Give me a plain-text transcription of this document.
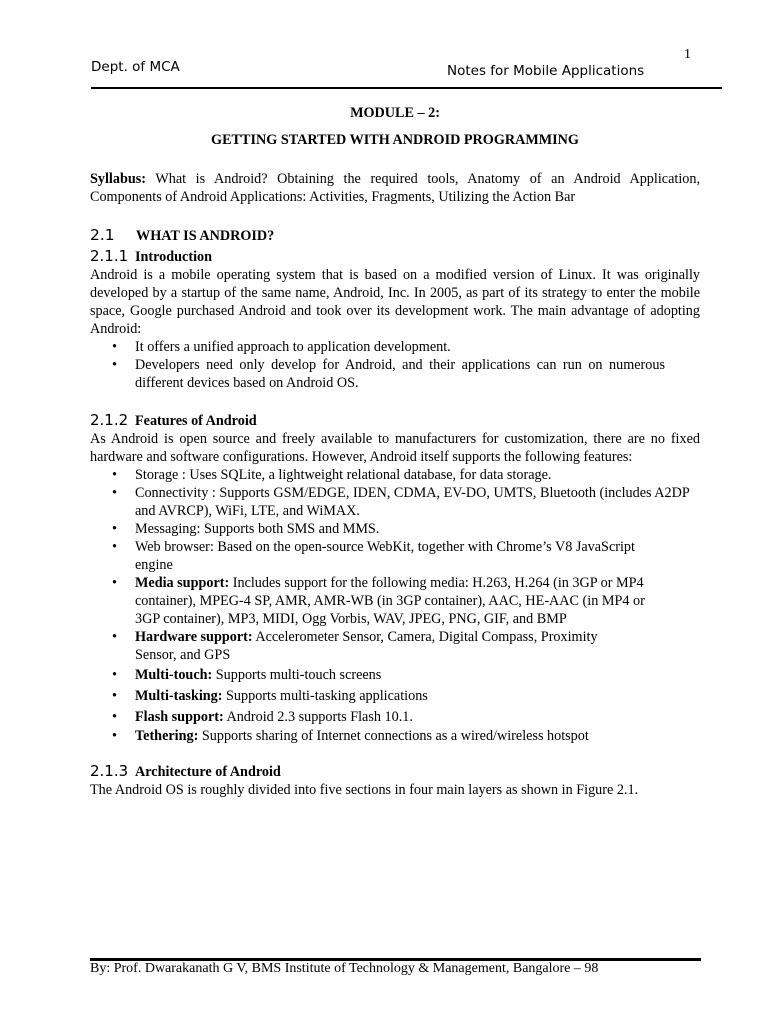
1
Dept. of MCA	Notes for Mobile Applications
MODULE – 2:
GETTING STARTED WITH ANDROID PROGRAMMING

Syllabus: What is Android? Obtaining the required tools, Anatomy of an Android Application, Components of Android Applications: Activities, Fragments, Utilizing the Action Bar

2.1 WHAT IS ANDROID?
2.1.1 Introduction

Android is a mobile operating system that is based on a modified version of Linux. It was originally developed by a startup of the same name, Android, Inc. In 2005, as part of its strategy to enter the mobile space, Google purchased Android and took over its development work. The main advantage of adopting Android:

• It offers a unified approach to application development.
• Developers need only develop for Android, and their applications can run on numerous different devices based on Android OS.
2.1.2 Features of Android

As Android is open source and freely available to manufacturers for customization, there are no fixed hardware and software configurations. However, Android itself supports the following features:

• Storage : Uses SQLite, a lightweight relational database, for data storage.
• Connectivity : Supports GSM/EDGE, IDEN, CDMA, EV-DO, UMTS, Bluetooth (includes A2DP and AVRCP), WiFi, LTE, and WiMAX.
• Messaging: Supports both SMS and MMS.
• Web browser: Based on the open-source WebKit, together with Chrome’s V8 JavaScript engine
• Media support: Includes support for the following media: H.263, H.264 (in 3GP or MP4 container), MPEG-4 SP, AMR, AMR-WB (in 3GP container), AAC, HE-AAC (in MP4 or 3GP container), MP3, MIDI, Ogg Vorbis, WAV, JPEG, PNG, GIF, and BMP
• Hardware support: Accelerometer Sensor, Camera, Digital Compass, Proximity Sensor, and GPS
• Multi-touch: Supports multi-touch screens
• Multi-tasking: Supports multi-tasking applications
• Flash support: Android 2.3 supports Flash 10.1.
• Tethering: Supports sharing of Internet connections as a wired/wireless hotspot
2.1.3 Architecture of Android

The Android OS is roughly divided into five sections in four main layers as shown in Figure 2.1.

By: Prof. Dwarakanath G V, BMS Institute of Technology & Management, Bangalore – 98
